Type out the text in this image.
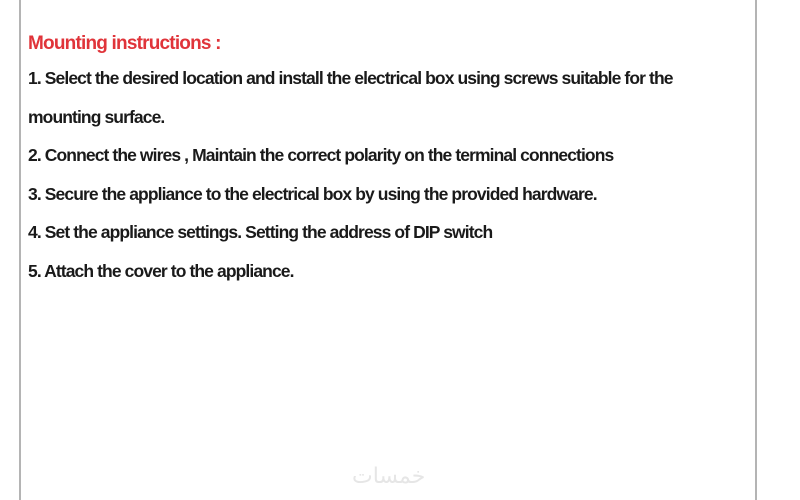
Mounting instructions :
1. Select the desired location and install the electrical box using screws suitable for the mounting surface.
2. Connect the wires , Maintain the correct polarity on the terminal connections
3. Secure the appliance to the electrical box by using the provided hardware.
4. Set the appliance settings. Setting the address of DIP switch
5. Attach the cover to the appliance.
خمسات
